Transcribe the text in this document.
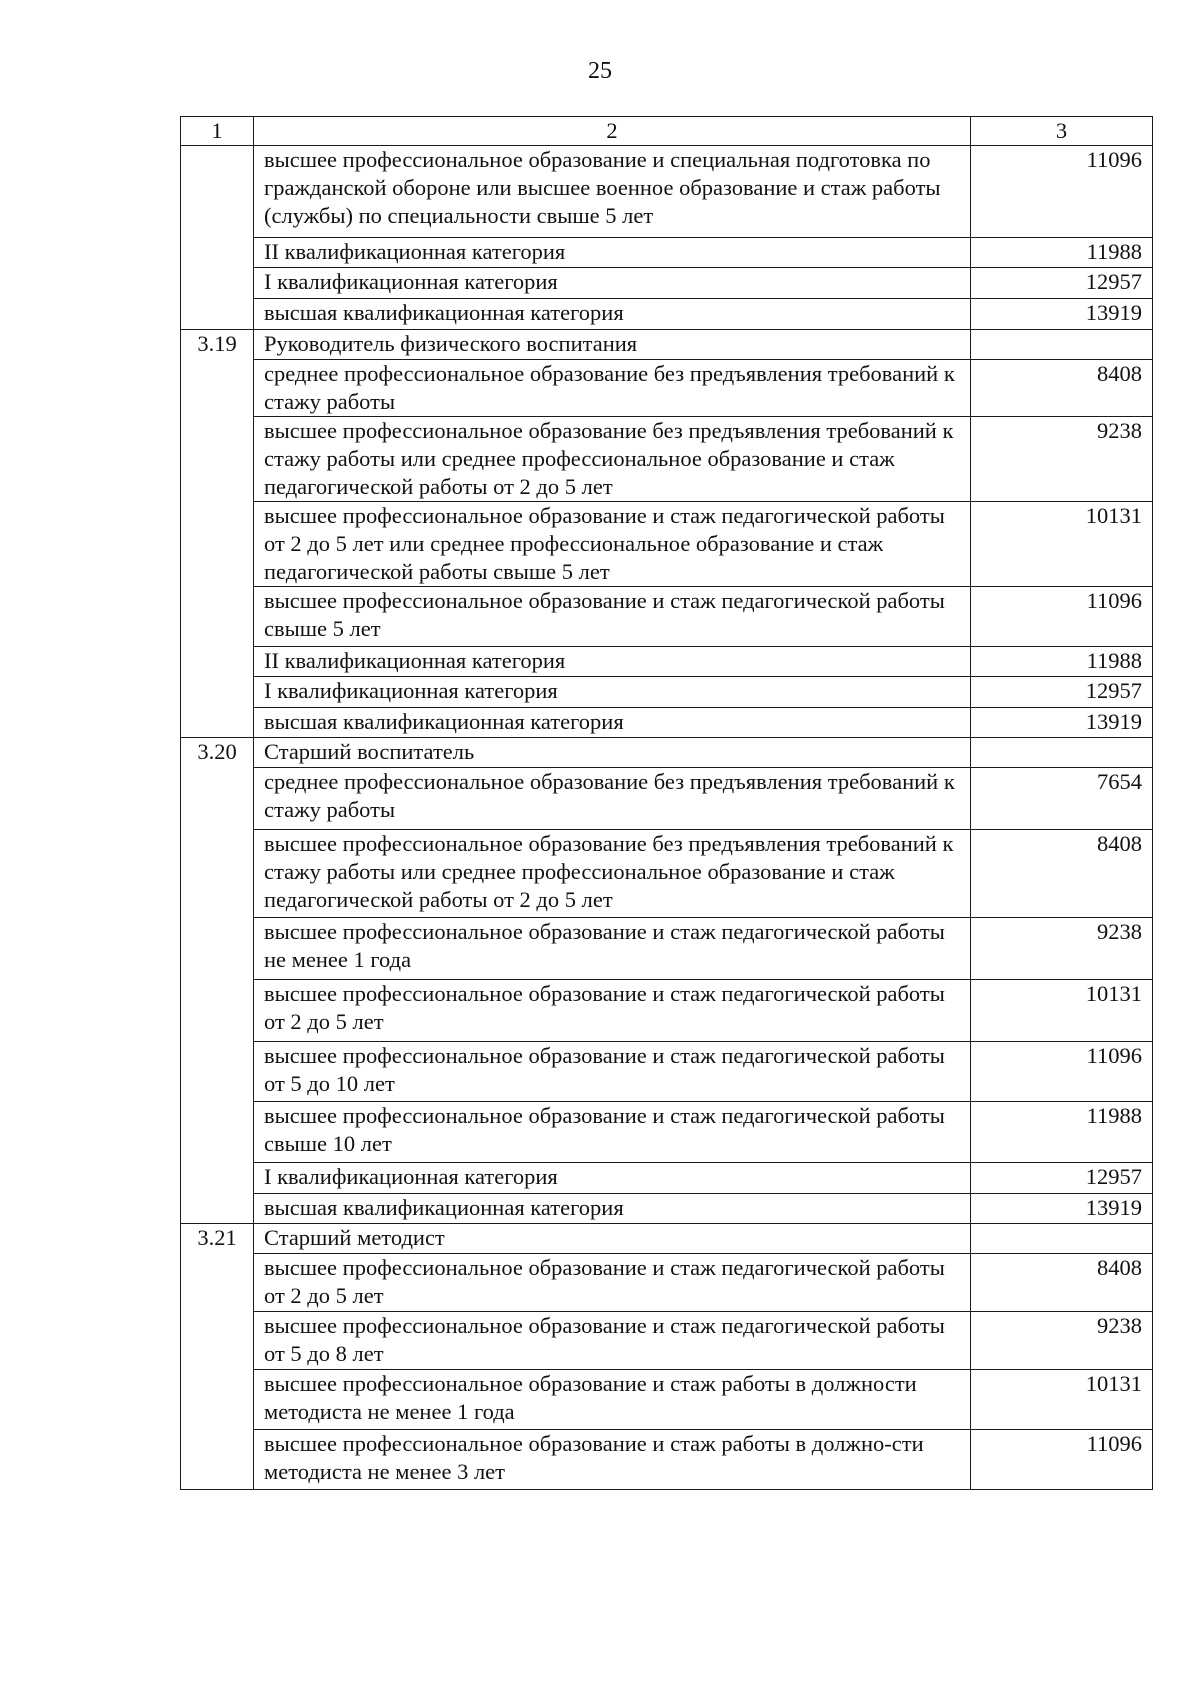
25
1	2	3
	высшее профессиональное образование и специальная подготовка по гражданской обороне или высшее военное образование и стаж работы (службы) по специальности свыше 5 лет	11096
	II квалификационная категория	11988
	I квалификационная категория	12957
	высшая квалификационная категория	13919
3.19	Руководитель физического воспитания	
	среднее профессиональное образование без предъявления требований к стажу работы	8408
	высшее профессиональное образование без предъявления требований к стажу работы или среднее профессиональное образование и стаж педагогической работы от 2 до 5 лет	9238
	высшее профессиональное образование и стаж педагогической работы от 2 до 5 лет или среднее профессиональное образование и стаж педагогической работы свыше 5 лет	10131
	высшее профессиональное образование и стаж педагогической работы свыше 5 лет	11096
	II квалификационная категория	11988
	I квалификационная категория	12957
	высшая квалификационная категория	13919
3.20	Старший воспитатель	
	среднее профессиональное образование без предъявления требований к стажу работы	7654
	высшее профессиональное образование без предъявления требований к стажу работы или среднее профессиональное образование и стаж педагогической работы от 2 до 5 лет	8408
	высшее профессиональное образование и стаж педагогической работы не менее 1 года	9238
	высшее профессиональное образование и стаж педагогической работы от 2 до 5 лет	10131
	высшее профессиональное образование и стаж педагогической работы от 5 до 10 лет	11096
	высшее профессиональное образование и стаж педагогической работы свыше 10 лет	11988
	I квалификационная категория	12957
	высшая квалификационная категория	13919
3.21	Старший методист	
	высшее профессиональное образование и стаж педагогической работы от 2 до 5 лет	8408
	высшее профессиональное образование и стаж педагогической работы от 5 до 8 лет	9238
	высшее профессиональное образование и стаж работы в должности методиста не менее 1 года	10131
	высшее профессиональное образование и стаж работы в должно-сти методиста не менее 3 лет	11096
